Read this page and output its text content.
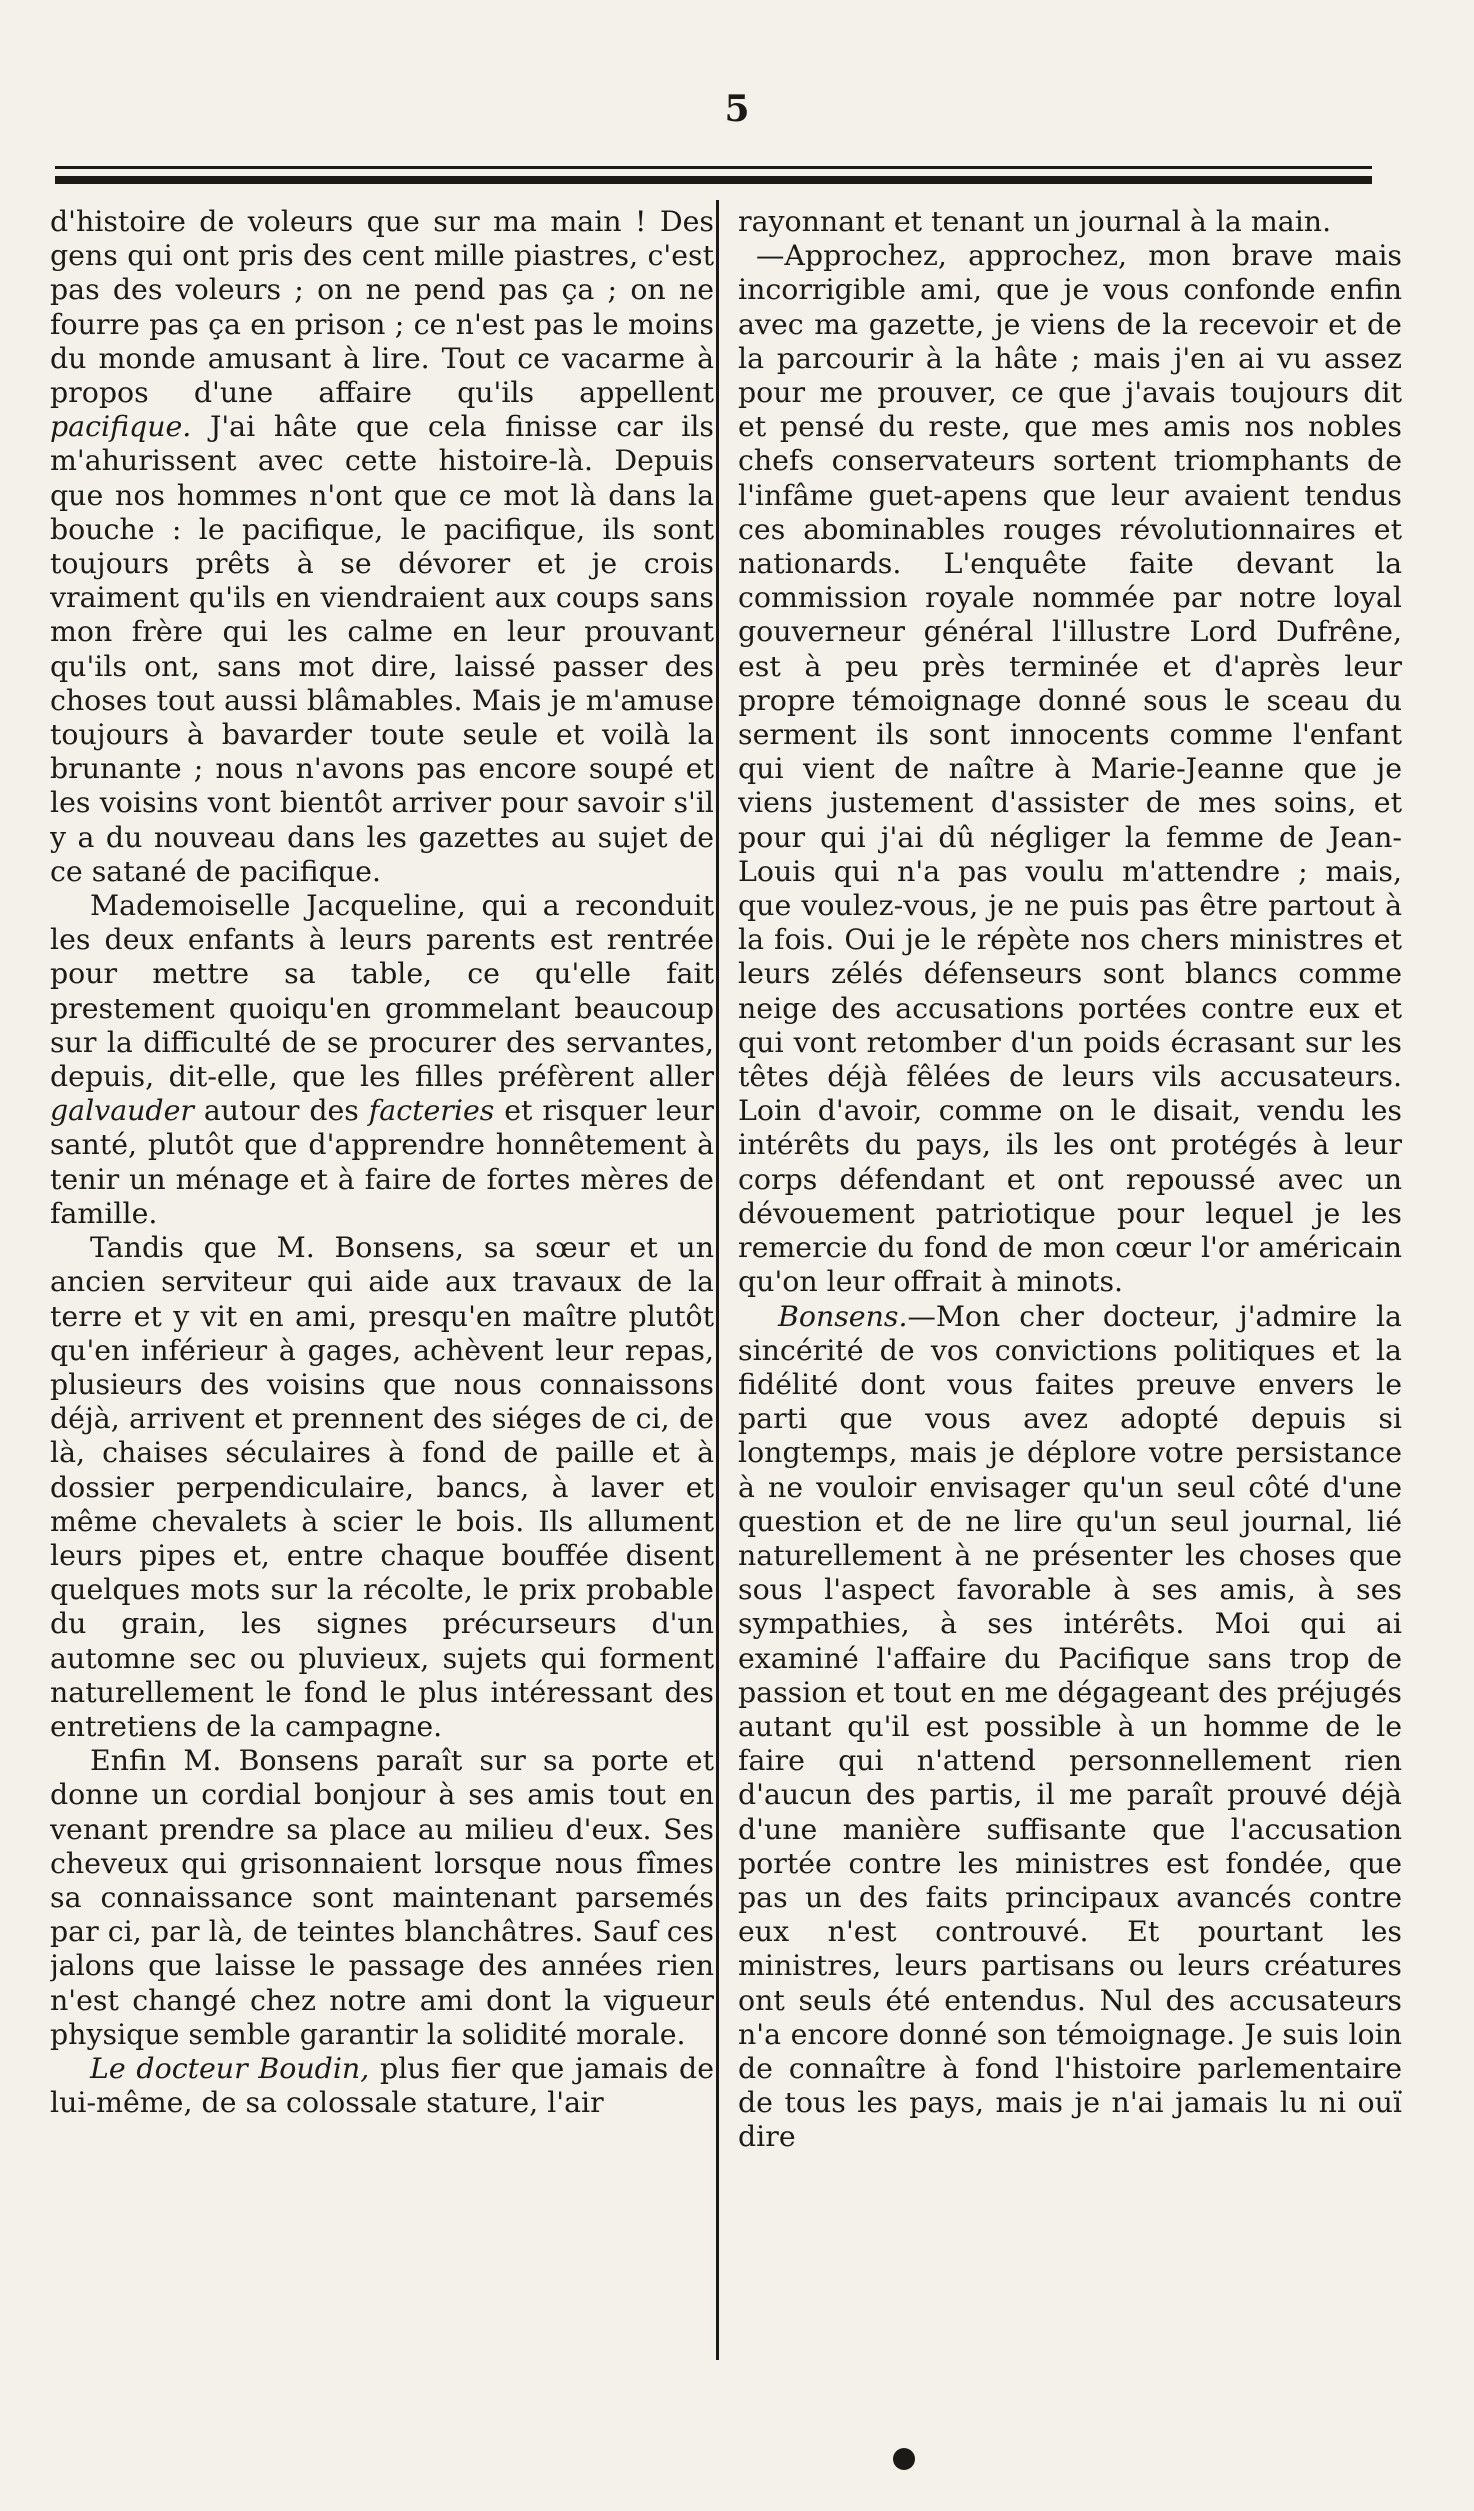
5

d'histoire de voleurs que sur ma main ! Des gens qui ont pris des cent mille piastres, c'est pas des voleurs ; on ne pend pas ça ; on ne fourre pas ça en prison ; ce n'est pas le moins du monde amusant à lire. Tout ce vacarme à propos d'une affaire qu'ils appellent pacifique. J'ai hâte que cela finisse car ils m'ahurissent avec cette histoire-là. Depuis que nos hommes n'ont que ce mot là dans la bouche : le pacifique, le pacifique, ils sont toujours prêts à se dévorer et je crois vraiment qu'ils en viendraient aux coups sans mon frère qui les calme en leur prouvant qu'ils ont, sans mot dire, laissé passer des choses tout aussi blâmables. Mais je m'amuse toujours à bavarder toute seule et voilà la brunante ; nous n'avons pas encore soupé et les voisins vont bientôt arriver pour savoir s'il y a du nouveau dans les gazettes au sujet de ce satané de pacifique.

Mademoiselle Jacqueline, qui a reconduit les deux enfants à leurs parents est rentrée pour mettre sa table, ce qu'elle fait prestement quoiqu'en grommelant beaucoup sur la difficulté de se procurer des servantes, depuis, dit-elle, que les filles préfèrent aller galvauder autour des facteries et risquer leur santé, plutôt que d'apprendre honnêtement à tenir un ménage et à faire de fortes mères de famille.

Tandis que M. Bonsens, sa sœur et un ancien serviteur qui aide aux travaux de la terre et y vit en ami, presqu'en maître plutôt qu'en inférieur à gages, achèvent leur repas, plusieurs des voisins que nous connaissons déjà, arrivent et prennent des siéges de ci, de là, chaises séculaires à fond de paille et à dossier perpendiculaire, bancs, à laver et même chevalets à scier le bois. Ils allument leurs pipes et, entre chaque bouffée disent quelques mots sur la récolte, le prix probable du grain, les signes précurseurs d'un automne sec ou pluvieux, sujets qui forment naturellement le fond le plus intéressant des entretiens de la campagne.

Enfin M. Bonsens paraît sur sa porte et donne un cordial bonjour à ses amis tout en venant prendre sa place au milieu d'eux. Ses cheveux qui grisonnaient lorsque nous fîmes sa connaissance sont maintenant parsemés par ci, par là, de teintes blanchâtres. Sauf ces jalons que laisse le passage des années rien n'est changé chez notre ami dont la vigueur physique semble garantir la solidité morale.

Le docteur Boudin, plus fier que jamais de lui-même, de sa colossale stature, l'air

rayonnant et tenant un journal à la main.

—Approchez, approchez, mon brave mais incorrigible ami, que je vous confonde enfin avec ma gazette, je viens de la recevoir et de la parcourir à la hâte ; mais j'en ai vu assez pour me prouver, ce que j'avais toujours dit et pensé du reste, que mes amis nos nobles chefs conservateurs sortent triomphants de l'infâme guet-apens que leur avaient tendus ces abominables rouges révolutionnaires et nationards. L'enquête faite devant la commission royale nommée par notre loyal gouverneur général l'illustre Lord Dufrêne, est à peu près terminée et d'après leur propre témoignage donné sous le sceau du serment ils sont innocents comme l'enfant qui vient de naître à Marie-Jeanne que je viens justement d'assister de mes soins, et pour qui j'ai dû négliger la femme de Jean-Louis qui n'a pas voulu m'attendre ; mais, que voulez-vous, je ne puis pas être partout à la fois. Oui je le répète nos chers ministres et leurs zélés défenseurs sont blancs comme neige des accusations portées contre eux et qui vont retomber d'un poids écrasant sur les têtes déjà fêlées de leurs vils accusateurs. Loin d'avoir, comme on le disait, vendu les intérêts du pays, ils les ont protégés à leur corps défendant et ont repoussé avec un dévouement patriotique pour lequel je les remercie du fond de mon cœur l'or américain qu'on leur offrait à minots.

Bonsens.—Mon cher docteur, j'admire la sincérité de vos convictions politiques et la fidélité dont vous faites preuve envers le parti que vous avez adopté depuis si longtemps, mais je déplore votre persistance à ne vouloir envisager qu'un seul côté d'une question et de ne lire qu'un seul journal, lié naturellement à ne présenter les choses que sous l'aspect favorable à ses amis, à ses sympathies, à ses intérêts. Moi qui ai examiné l'affaire du Pacifique sans trop de passion et tout en me dégageant des préjugés autant qu'il est possible à un homme de le faire qui n'attend personnellement rien d'aucun des partis, il me paraît prouvé déjà d'une manière suffisante que l'accusation portée contre les ministres est fondée, que pas un des faits principaux avancés contre eux n'est controuvé. Et pourtant les ministres, leurs partisans ou leurs créatures ont seuls été entendus. Nul des accusateurs n'a encore donné son témoignage. Je suis loin de connaître à fond l'histoire parlementaire de tous les pays, mais je n'ai jamais lu ni ouï dire
